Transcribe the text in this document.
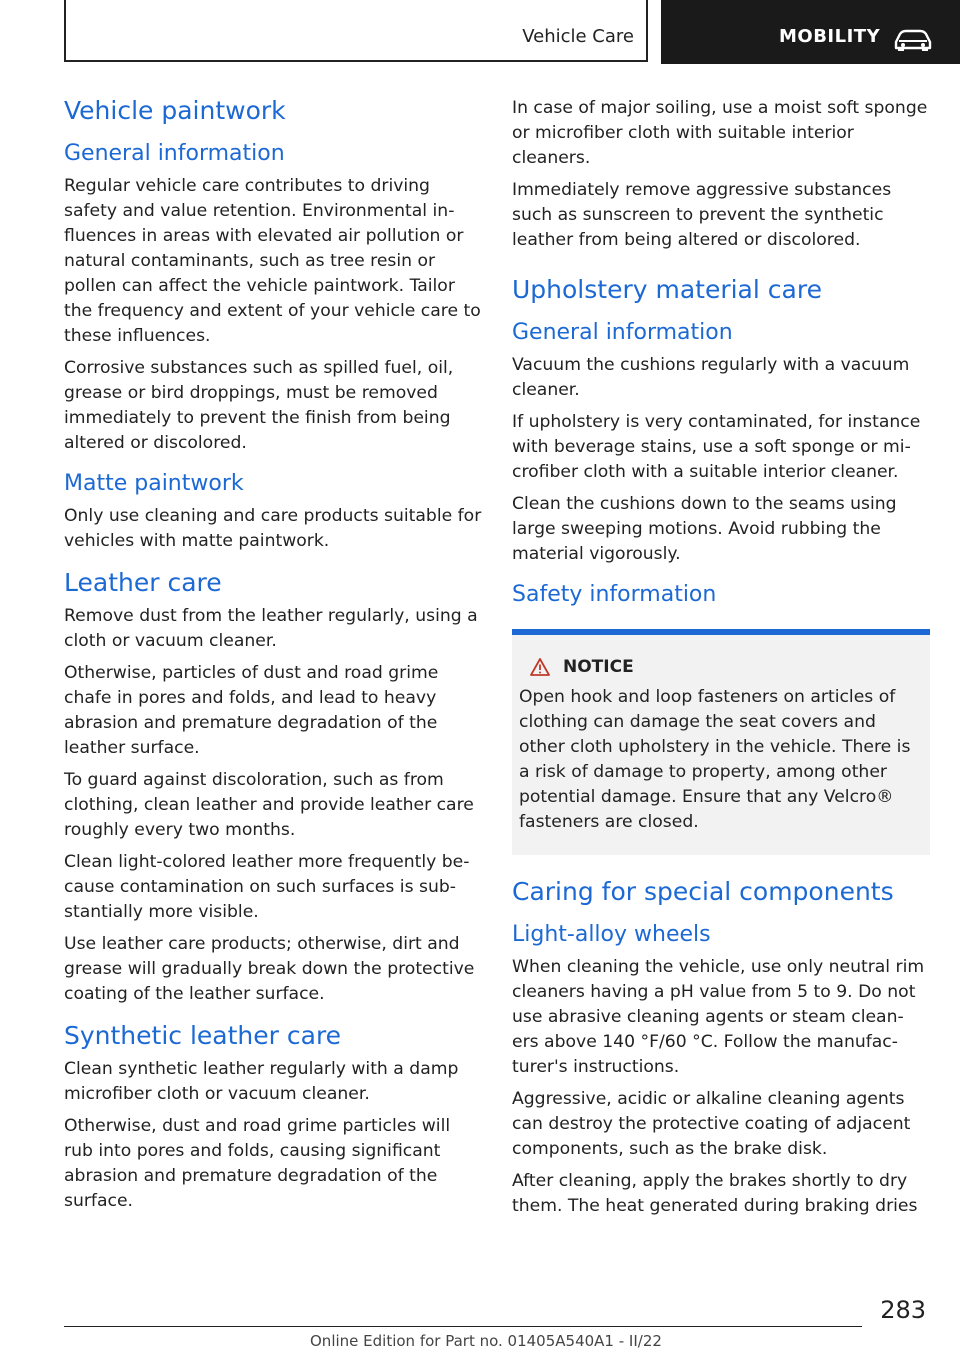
Vehicle Care	MOBILITY
Vehicle paintwork
General information

Regular vehicle care contributes to driving safety and value retention. Environmental in-fluences in areas with elevated air pollution or natural contaminants, such as tree resin or pollen can affect the vehicle paintwork. Tailor the frequency and extent of your vehicle care to these influences.

Corrosive substances such as spilled fuel, oil, grease or bird droppings, must be removed immediately to prevent the finish from being altered or discolored.

Matte paintwork

Only use cleaning and care products suitable for vehicles with matte paintwork.

Leather care

Remove dust from the leather regularly, using a cloth or vacuum cleaner.

Otherwise, particles of dust and road grime chafe in pores and folds, and lead to heavy abrasion and premature degradation of the leather surface.

To guard against discoloration, such as from clothing, clean leather and provide leather care roughly every two months.

Clean light-colored leather more frequently be-cause contamination on such surfaces is sub-stantially more visible.

Use leather care products; otherwise, dirt and grease will gradually break down the protective coating of the leather surface.

Synthetic leather care

Clean synthetic leather regularly with a damp microfiber cloth or vacuum cleaner.

Otherwise, dust and road grime particles will rub into pores and folds, causing significant abrasion and premature degradation of the surface.

In case of major soiling, use a moist soft sponge or microfiber cloth with suitable interior cleaners.

Immediately remove aggressive substances such as sunscreen to prevent the synthetic leather from being altered or discolored.

Upholstery material care
General information

Vacuum the cushions regularly with a vacuum cleaner.

If upholstery is very contaminated, for instance with beverage stains, use a soft sponge or mi-crofiber cloth with a suitable interior cleaner.

Clean the cushions down to the seams using large sweeping motions. Avoid rubbing the material vigorously.

Safety information
NOTICE

Open hook and loop fasteners on articles of clothing can damage the seat covers and other cloth upholstery in the vehicle. There is a risk of damage to property, among other potential damage. Ensure that any Velcro® fasteners are closed.

Caring for special components
Light-alloy wheels

When cleaning the vehicle, use only neutral rim cleaners having a pH value from 5 to 9. Do not use abrasive cleaning agents or steam clean-ers above 140 °F/60 °C. Follow the manufac-turer's instructions.

Aggressive, acidic or alkaline cleaning agents can destroy the protective coating of adjacent components, such as the brake disk.

After cleaning, apply the brakes shortly to dry them. The heat generated during braking dries

283
Online Edition for Part no. 01405A540A1 - II/22
